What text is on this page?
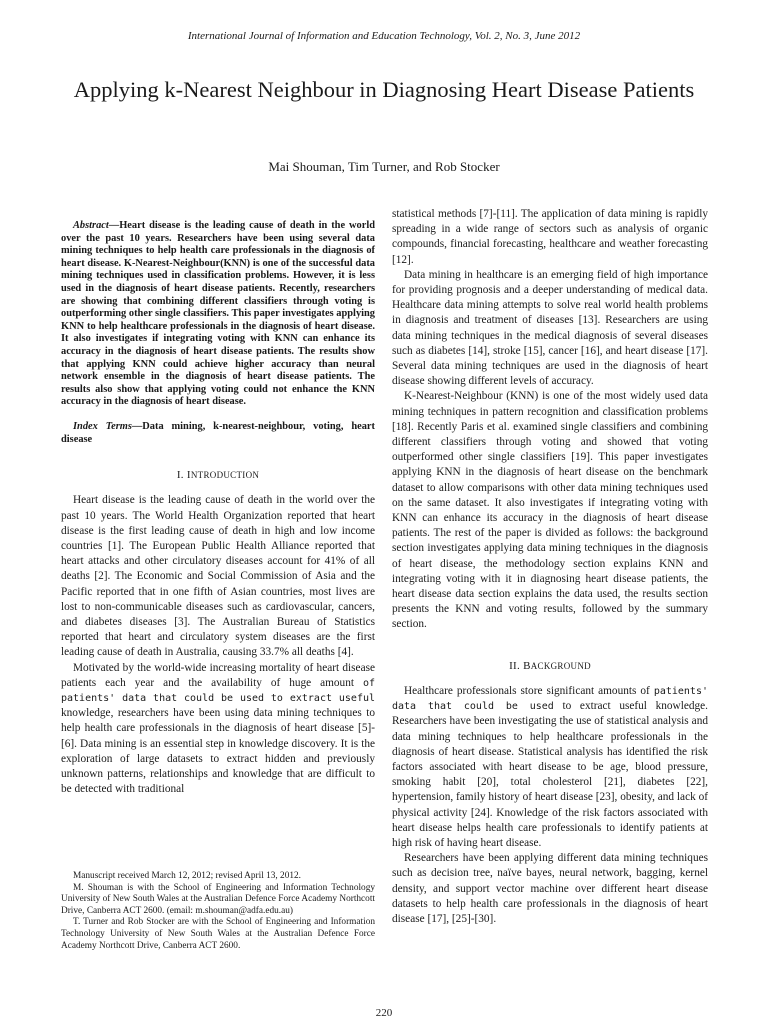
International Journal of Information and Education Technology, Vol. 2, No. 3, June 2012
Applying k-Nearest Neighbour in Diagnosing Heart Disease Patients
Mai Shouman, Tim Turner, and Rob Stocker

Abstract—Heart disease is the leading cause of death in the world over the past 10 years. Researchers have been using several data mining techniques to help health care professionals in the diagnosis of heart disease. K-Nearest-Neighbour(KNN) is one of the successful data mining techniques used in classification problems. However, it is less used in the diagnosis of heart disease patients. Recently, researchers are showing that combining different classifiers through voting is outperforming other single classifiers. This paper investigates applying KNN to help healthcare professionals in the diagnosis of heart disease. It also investigates if integrating voting with KNN can enhance its accuracy in the diagnosis of heart disease patients. The results show that applying KNN could achieve higher accuracy than neural network ensemble in the diagnosis of heart disease patients. The results also show that applying voting could not enhance the KNN accuracy in the diagnosis of heart disease.

Index Terms—Data mining, k-nearest-neighbour, voting, heart disease

I. INTRODUCTION

Heart disease is the leading cause of death in the world over the past 10 years. The World Health Organization reported that heart disease is the first leading cause of death in high and low income countries [1]. The European Public Health Alliance reported that heart attacks and other circulatory diseases account for 41% of all deaths [2]. The Economic and Social Commission of Asia and the Pacific reported that in one fifth of Asian countries, most lives are lost to non-communicable diseases such as cardiovascular, cancers, and diabetes diseases [3]. The Australian Bureau of Statistics reported that heart and circulatory system diseases are the first leading cause of death in Australia, causing 33.7% all deaths [4].

Motivated by the world-wide increasing mortality of heart disease patients each year and the availability of huge amount of patients' data that could be used to extract useful knowledge, researchers have been using data mining techniques to help health care professionals in the diagnosis of heart disease [5]-[6]. Data mining is an essential step in knowledge discovery. It is the exploration of large datasets to extract hidden and previously unknown patterns, relationships and knowledge that are difficult to be detected with traditional

Manuscript received March 12, 2012; revised April 13, 2012.

M. Shouman is with the School of Engineering and Information Technology University of New South Wales at the Australian Defence Force Academy Northcott Drive, Canberra ACT 2600. (email: m.shouman@adfa.edu.au)

T. Turner and Rob Stocker are with the School of Engineering and Information Technology University of New South Wales at the Australian Defence Force Academy Northcott Drive, Canberra ACT 2600.

statistical methods [7]-[11]. The application of data mining is rapidly spreading in a wide range of sectors such as analysis of organic compounds, financial forecasting, healthcare and weather forecasting [12].

Data mining in healthcare is an emerging field of high importance for providing prognosis and a deeper understanding of medical data. Healthcare data mining attempts to solve real world health problems in diagnosis and treatment of diseases [13]. Researchers are using data mining techniques in the medical diagnosis of several diseases such as diabetes [14], stroke [15], cancer [16], and heart disease [17]. Several data mining techniques are used in the diagnosis of heart disease showing different levels of accuracy.

K-Nearest-Neighbour (KNN) is one of the most widely used data mining techniques in pattern recognition and classification problems [18]. Recently Paris et al. examined single classifiers and combining different classifiers through voting and showed that voting outperformed other single classifiers [19]. This paper investigates applying KNN in the diagnosis of heart disease on the benchmark dataset to allow comparisons with other data mining techniques used on the same dataset. It also investigates if integrating voting with KNN can enhance its accuracy in the diagnosis of heart disease patients. The rest of the paper is divided as follows: the background section investigates applying data mining techniques in the diagnosis of heart disease, the methodology section explains KNN and integrating voting with it in diagnosing heart disease patients, the heart disease data section explains the data used, the results section presents the KNN and voting results, followed by the summary section.

II. BACKGROUND

Healthcare professionals store significant amounts of patients' data that could be used to extract useful knowledge. Researchers have been investigating the use of statistical analysis and data mining techniques to help healthcare professionals in the diagnosis of heart disease. Statistical analysis has identified the risk factors associated with heart disease to be age, blood pressure, smoking habit [20], total cholesterol [21], diabetes [22], hypertension, family history of heart disease [23], obesity, and lack of physical activity [24]. Knowledge of the risk factors associated with heart disease helps health care professionals to identify patients at high risk of having heart disease.

Researchers have been applying different data mining techniques such as decision tree, naïve bayes, neural network, bagging, kernel density, and support vector machine over different heart disease datasets to help health care professionals in the diagnosis of heart disease [17], [25]-[30].

220
